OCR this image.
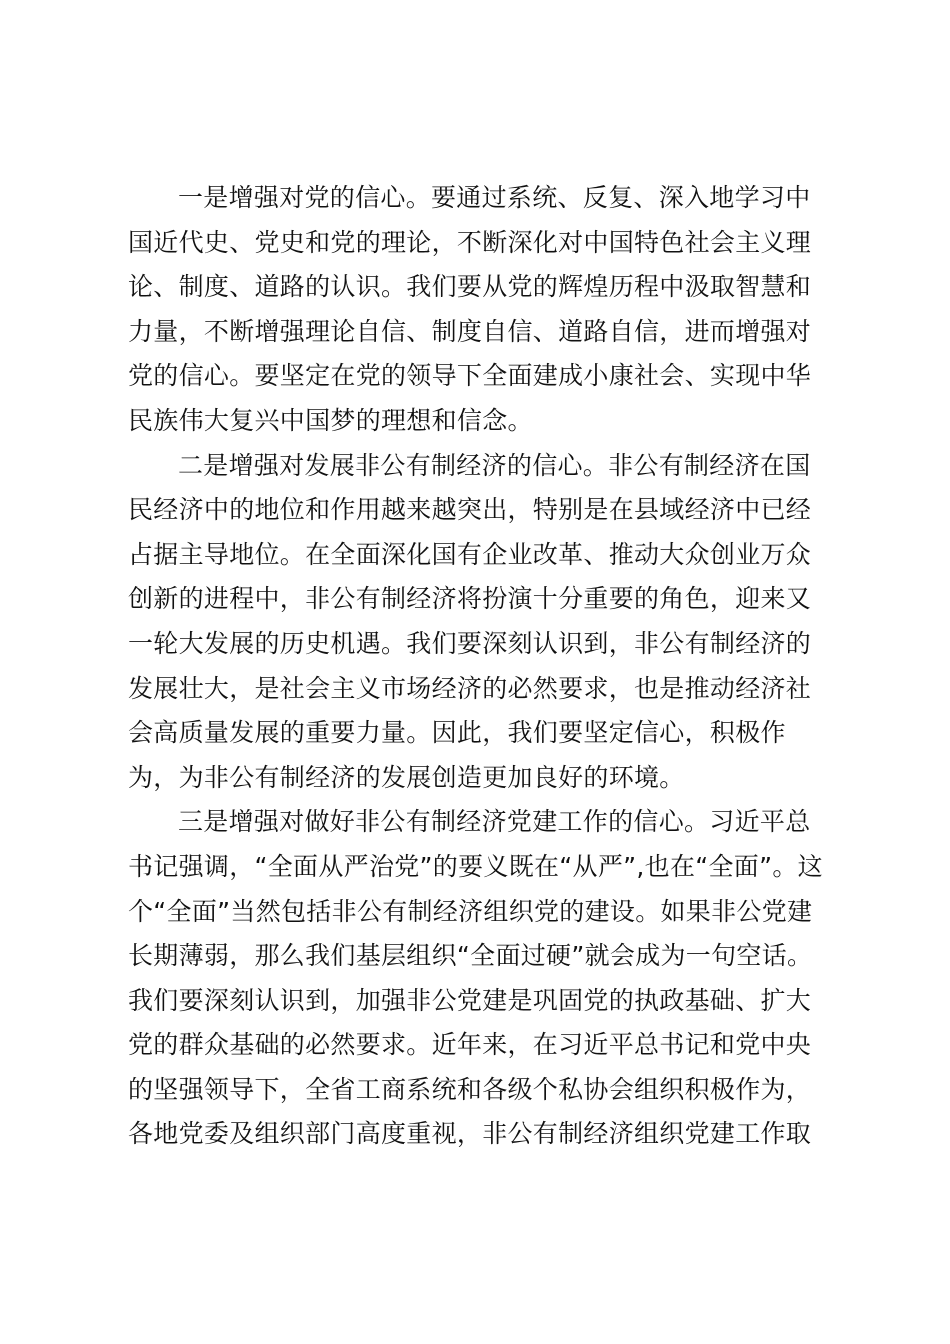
一是增强对党的信心。要通过系统、反复、深入地学习中
国近代史、党史和党的理论，不断深化对中国特色社会主义理
论、制度、道路的认识。我们要从党的辉煌历程中汲取智慧和
力量，不断增强理论自信、制度自信、道路自信，进而增强对
党的信心。要坚定在党的领导下全面建成小康社会、实现中华
民族伟大复兴中国梦的理想和信念。
二是增强对发展非公有制经济的信心。非公有制经济在国
民经济中的地位和作用越来越突出，特别是在县域经济中已经
占据主导地位。在全面深化国有企业改革、推动大众创业万众
创新的进程中，非公有制经济将扮演十分重要的角色，迎来又
一轮大发展的历史机遇。我们要深刻认识到，非公有制经济的
发展壮大，是社会主义市场经济的必然要求，也是推动经济社
会高质量发展的重要力量。因此，我们要坚定信心，积极作
为，为非公有制经济的发展创造更加良好的环境。
三是增强对做好非公有制经济党建工作的信心。习近平总
书记强调，“全面从严治党”的要义既在“从严”,也在“全面”。这
个“全面”当然包括非公有制经济组织党的建设。如果非公党建
长期薄弱，那么我们基层组织“全面过硬”就会成为一句空话。
我们要深刻认识到，加强非公党建是巩固党的执政基础、扩大
党的群众基础的必然要求。近年来，在习近平总书记和党中央
的坚强领导下，全省工商系统和各级个私协会组织积极作为，
各地党委及组织部门高度重视，非公有制经济组织党建工作取
